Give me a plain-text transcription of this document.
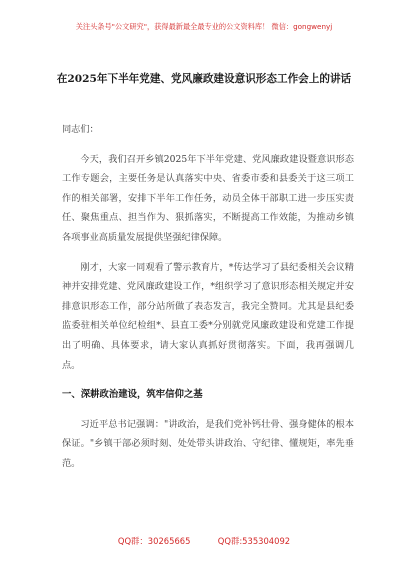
关注头条号"公文研究"，获得最新最全最专业的公文资料库！ 微信：gongwenyj
在2025年下半年党建、党风廉政建设意识形态工作会上的讲话

同志们：

今天，我们召开乡镇2025年下半年党建、党风廉政建设暨意识形态工作专题会，主要任务是认真落实中央、省委市委和县委关于这三项工作的相关部署，安排下半年工作任务，动员全体干部职工进一步压实责任、聚焦重点、担当作为、狠抓落实，不断提高工作效能，为推动乡镇各项事业高质量发展提供坚强纪律保障。

刚才，大家一同观看了警示教育片，*传达学习了县纪委相关会议精神并安排党建、党风廉政建设工作，*组织学习了意识形态相关规定并安排意识形态工作，部分站所做了表态发言，我完全赞同。尤其是县纪委监委驻相关单位纪检组*、县直工委*分别就党风廉政建设和党建工作提出了明确、具体要求，请大家认真抓好贯彻落实。下面，我再强调几点。

一、深耕政治建设，筑牢信仰之基

习近平总书记强调："讲政治，是我们党补钙壮骨、强身健体的根本保证。"乡镇干部必须时刻、处处带头讲政治、守纪律、懂规矩，率先垂范。

QQ群：30265665	QQ群:535304092
